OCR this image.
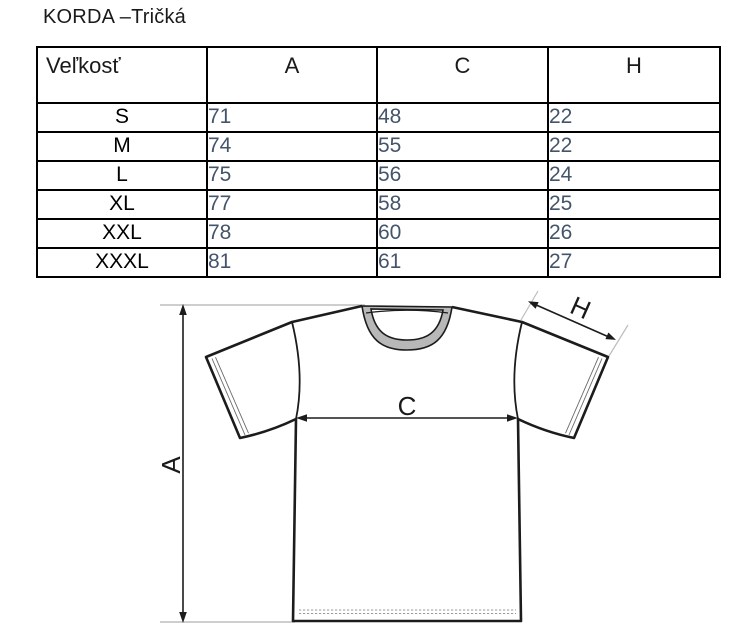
KORDA –Tričká
Veľkosť	A	C	H
S	71	48	22
M	74	55	22
L	75	56	24
XL	77	58	25
XXL	78	60	26
XXXL	81	61	27
A
C
H
